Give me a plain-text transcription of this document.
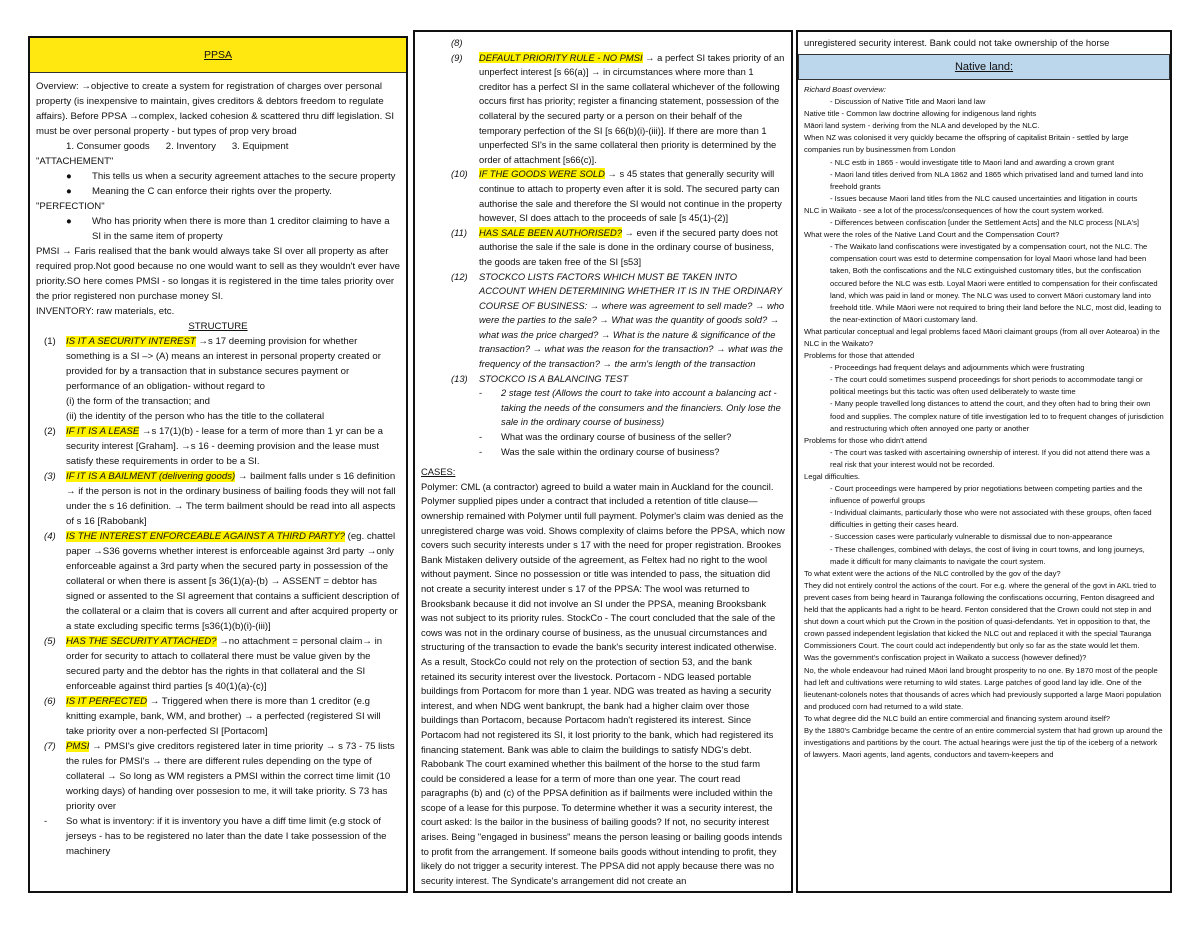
PPSA

Overview: →objective to create a system for registration of charges over personal property (is inexpensive to maintain, gives creditors & debtors freedom to regulate affairs). Before PPSA →complex, lacked cohesion & scattered thru diff legislation. SI must be over personal property - but types of prop very broad

1. Consumer goods 2. Inventory 3. Equipment

"ATTACHEMENT"

●	This tells us when a security agreement attaches to the secure property
●	Meaning the C can enforce their rights over the property.

"PERFECTION"

●	Who has priority when there is more than 1 creditor claiming to have a SI in the same item of property

PMSI → Faris realised that the bank would always take SI over all property as after required prop.Not good because no one would want to sell as they wouldn't ever have priority.SO here comes PMSI - so longas it is registered in the time tales priority over the prior registered non purchase money SI.

INVENTORY: raw materials, etc.

STRUCTURE

(1)	IS IT A SECURITY INTEREST →s 17 deeming provision for whether something is a SI –> (A) means an interest in personal property created or provided for by a transaction that in substance secures payment or performance of an obligation- without regard to

(i) the form of the transaction; and

(ii) the identity of the person who has the title to the collateral

(2)	IF IT IS A LEASE →s 17(1)(b) - lease for a term of more than 1 yr can be a security interest [Graham]. →s 16 - deeming provision and the lease must satisfy these requirements in order to be a SI.
(3)	IF IT IS A BAILMENT (delivering goods) → bailment falls under s 16 definition → if the person is not in the ordinary business of bailing foods they will not fall under the s 16 definition. → The term bailment should be read into all aspects of s 16 [Rabobank]
(4)	IS THE INTEREST ENFORCEABLE AGAINST A THIRD PARTY? (eg. chattel paper →S36 governs whether interest is enforceable against 3rd party →only enforceable against a 3rd party when the secured party in possession of the collateral or when there is assent [s 36(1)(a)-(b) → ASSENT = debtor has signed or assented to the SI agreement that contains a sufficient description of the collateral or a claim that is covers all current and after acquired property or a state excluding specific terms [s36(1)(b)(i)-(iii)]
(5)	HAS THE SECURITY ATTACHED? →no attachment = personal claim→ in order for security to attach to collateral there must be value given by the secured party and the debtor has the rights in that collateral and the SI enforceable against third parties [s 40(1)(a)-(c)]
(6)	IS IT PERFECTED → Triggered when there is more than 1 creditor (e.g knitting example, bank, WM, and brother) → a perfected (registered SI will take priority over a non-perfected SI [Portacom]
(7)	PMSI → PMSI's give creditors registered later in time priority → s 73 - 75 lists the rules for PMSI's → there are different rules depending on the type of collateral → So long as WM registers a PMSI within the correct time limit (10 working days) of handing over possesion to me, it will take priority. S 73 has priority over
-	So what is inventory: if it is inventory you have a diff time limit (e.g stock of jerseys - has to be registered no later than the date I take possession of the machinery
(8)
(9)	DEFAULT PRIORITY RULE - NO PMSI → a perfect SI takes priority of an unperfect interest [s 66(a)] → in circumstances where more than 1 creditor has a perfect SI in the same collateral whichever of the following occurs first has priority; register a financing statement, possession of the collateral by the secured party or a person on their behalf of the temporary perfection of the SI [s 66(b)(i)-(iii)]. If there are more than 1 unperfected SI's in the same collateral then priority is determined by the order of attachment [s66(c)].
(10)	IF THE GOODS WERE SOLD → s 45 states that generally security will continue to attach to property even after it is sold. The secured party can authorise the sale and therefore the SI would not continue in the property however, SI does attach to the proceeds of sale [s 45(1)-(2)]
(11)	HAS SALE BEEN AUTHORISED? → even if the secured party does not authorise the sale if the sale is done in the ordinary course of business, the goods are taken free of the SI [s53]
(12)	STOCKCO LISTS FACTORS WHICH MUST BE TAKEN INTO ACCOUNT WHEN DETERMINING WHETHER IT IS IN THE ORDINARY COURSE OF BUSINESS: → where was agreement to sell made? → who were the parties to the sale? → What was the quantity of goods sold? → what was the price charged? → What is the nature & significance of the transaction? → what was the reason for the transaction? → what was the frequency of the transaction? → the arm's length of the transaction
(13)	STOCKCO IS A BALANCING TEST
-	2 stage test (Allows the court to take into account a balancing act - taking the needs of the consumers and the financiers. Only lose the sale in the ordinary course of business)
-	What was the ordinary course of business of the seller?
-	Was the sale within the ordinary course of business?

CASES:

Polymer: CML (a contractor) agreed to build a water main in Auckland for the council. Polymer supplied pipes under a contract that included a retention of title clause—ownership remained with Polymer until full payment. Polymer's claim was denied as the unregistered charge was void. Shows complexity of claims before the PPSA, which now covers such security interests under s 17 with the need for proper registration. Brookes Bank Mistaken delivery outside of the agreement, as Feltex had no right to the wool without payment. Since no possession or title was intended to pass, the situation did not create a security interest under s 17 of the PPSA: The wool was returned to Brooksbank because it did not involve an SI under the PPSA, meaning Brooksbank was not subject to its priority rules. StockCo - The court concluded that the sale of the cows was not in the ordinary course of business, as the unusual circumstances and structuring of the transaction to evade the bank's security interest indicated otherwise. As a result, StockCo could not rely on the protection of section 53, and the bank retained its security interest over the livestock. Portacom - NDG leased portable buildings from Portacom for more than 1 year. NDG was treated as having a security interest, and when NDG went bankrupt, the bank had a higher claim over those buildings than Portacom, because Portacom hadn't registered its interest. Since Portacom had not registered its SI, it lost priority to the bank, which had registered its financing statement. Bank was able to claim the buildings to satisfy NDG's debt. Rabobank The court examined whether this bailment of the horse to the stud farm could be considered a lease for a term of more than one year. The court read paragraphs (b) and (c) of the PPSA definition as if bailments were included within the scope of a lease for this purpose. To determine whether it was a security interest, the court asked: Is the bailor in the business of bailing goods? If not, no security interest arises. Being "engaged in business" means the person leasing or bailing goods intends to profit from the arrangement. If someone bails goods without intending to profit, they likely do not trigger a security interest. The PPSA did not apply because there was no security interest. The Syndicate's arrangement did not create an

unregistered security interest. Bank could not take ownership of the horse
Native land:

Richard Boast overview:

- Discussion of Native Title and Maori land law

Native title - Common law doctrine allowing for indigenous land rights

Māori land system - deriving from the NLA and developed by the NLC.

When NZ was colonised it very quickly became the offspring of capitalist Britain - settled by large companies run by businessmen from London

- NLC estb in 1865 - would investigate title to Maori land and awarding a crown grant

- Maori land titles derived from NLA 1862 and 1865 which privatised land and turned land into freehold grants

- Issues because Maori land titles from the NLC caused uncertainties and litigation in courts

NLC in Waikato - see a lot of the process/consequences of how the court system worked.

- Differences between confiscation [under the Settlement Acts] and the NLC process [NLA's]

What were the roles of the Native Land Court and the Compensation Court?

- The Waikato land confiscations were investigated by a compensation court, not the NLC. The compensation court was estd to determine compensation for loyal Maori whose land had been taken, Both the confiscations and the NLC extinguished customary titles, but the confiscation occured before the NLC was estb. Loyal Maori were entitled to compensation for their confiscated land, which was paid in land or money. The NLC was used to convert Māori customary land into freehold title. While Māori were not required to bring their land before the NLC, most did, leading to the near-extinction of Māori customary land.

What particular conceptual and legal problems faced Māori claimant groups (from all over Aotearoa) in the NLC in the Waikato?

Problems for those that attended

- Proceedings had frequent delays and adjournments which were frustrating

- The court could sometimes suspend proceedings for short periods to accommodate tangi or political meetings but this tactic was often used deliberately to waste time

- Many people travelled long distances to attend the court, and they often had to bring their own food and supplies. The complex nature of title investigation led to to frequent changes of jurisdiction and restructuring which often annoyed one party or another

Problems for those who didn't attend

- The court was tasked with ascertaining ownership of interest. If you did not attend there was a real risk that your interest would not be recorded.

Legal difficulties.

- Court proceedings were hampered by prior negotiations between competing parties and the influence of powerful groups

- Individual claimants, particularly those who were not associated with these groups, often faced difficulties in getting their cases heard.

- Succession cases were particularly vulnerable to dismissal due to non-appearance

- These challenges, combined with delays, the cost of living in court towns, and long journeys, made it difficult for many claimants to navigate the court system.

To what extent were the actions of the NLC controlled by the gov of the day?

They did not entirely control the actions of the court. For e.g. where the general of the govt in AKL tried to prevent cases from being heard in Tauranga following the confiscations occurring, Fenton disagreed and held that the applicants had a right to be heard. Fenton considered that the Crown could not step in and shut down a court which put the Crown in the position of quasi-defendants. Yet in opposition to that, the crown passed independent legislation that kicked the NLC out and replaced it with the special Tauranga Commissioners Court. The court could act independently but only so far as the state would let them.

Was the government's confiscation project in Waikato a success (however defined)?

No, the whole endeavour had ruined Māori land brought prosperity to no one. By 1870 most of the people had left and cultivations were returning to wild states. Large patches of good land lay idle. One of the lieutenant-colonels notes that thousands of acres which had previously supported a large Maori population and produced corn had returned to a wild state.

To what degree did the NLC build an entire commercial and financing system around itself?

By the 1880's Cambridge became the centre of an entire commercial system that had grown up around the investigations and partitions by the court. The actual hearings were just the tip of the iceberg of a network of lawyers. Maori agents, land agents, conductors and tavern-keepers and
